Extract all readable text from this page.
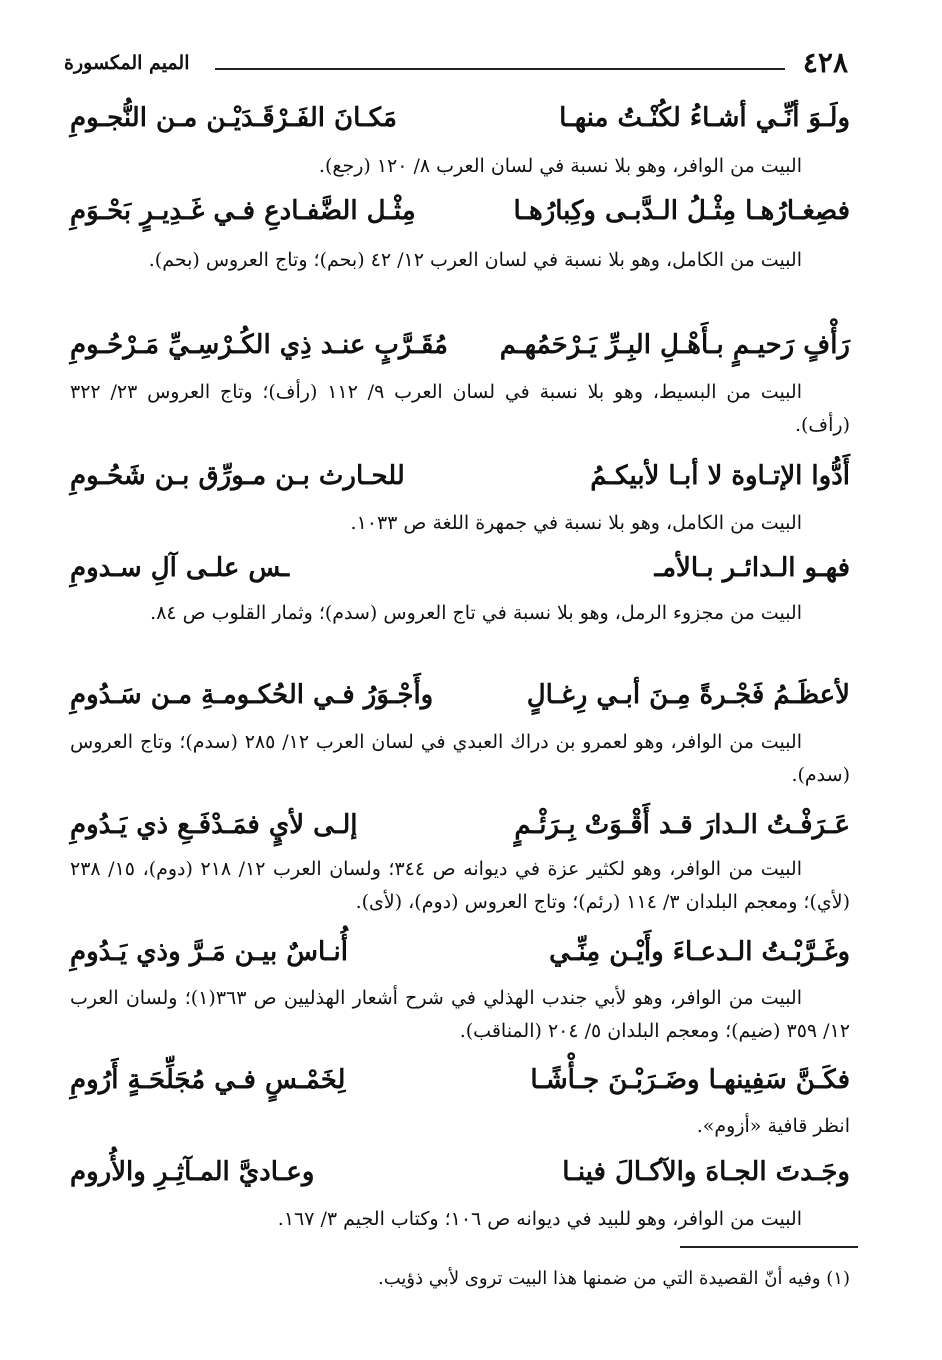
٤٢٨
الميم المكسورة
ولَـوَ أنِّـي أشـاءُ لكُنْـتُ منهـا
مَكـانَ الفَـرْقَـدَيْـن مـن النُّجـومِ
البيت من الوافر، وهو بلا نسبة في لسان العرب ٨/ ١٢٠ (رجع).
فصِغـارُهـا مِثْـلُ الـدَّبـى وكِبارُهـا
مِثْـل الضَّفـادعِ فـي غَـدِيـرٍ بَحْـوَمِ
البيت من الكامل، وهو بلا نسبة في لسان العرب ١٢/ ٤٢ (بحم)؛ وتاج العروس (بحم).
رَأْفٍ رَحيـمٍ بـأَهْـلِ البِـرِّ يَـرْحَمُهـم
مُقَـرَّبٍ عنـد ذِي الكُـرْسِـيِّ مَـرْحُـومِ
البيت من البسيط، وهو بلا نسبة في لسان العرب ٩/ ١١٢ (رأف)؛ وتاج العروس ٢٣/ ٣٢٢ (رأف).
أَدُّوا الإتـاوة لا أبـا لأبيكـمُ
للحـارث بـن مـورِّق بـن شَحُـومِ
البيت من الكامل، وهو بلا نسبة في جمهرة اللغة ص ١٠٣٣.
فهـو الـدائـر بـالأمـ
ـس علـى آلِ سـدومِ
البيت من مجزوء الرمل، وهو بلا نسبة في تاج العروس (سدم)؛ وثمار القلوب ص ٨٤.
لأعظَـمُ فَجْـرةً مِـنَ أبـي رِغـالٍ
وأَجْـوَرُ فـي الحُكـومـةِ مـن سَـدُومِ
البيت من الوافر، وهو لعمرو بن دراك العبدي في لسان العرب ١٢/ ٢٨٥ (سدم)؛ وتاج العروس (سدم).
عَـرَفْـتُ الـدارَ قـد أَقْـوَتْ بِـرَئْـمٍ
إلـى لأيٍ فمَـدْفَـعِ ذي يَـدُومِ
البيت من الوافر، وهو لكثير عزة في ديوانه ص ٣٤٤؛ ولسان العرب ١٢/ ٢١٨ (دوم)، ١٥/ ٢٣٨ (لأي)؛ ومعجم البلدان ٣/ ١١٤ (رئم)؛ وتاج العروس (دوم)، (لأى).
وغَـرَّبْـتُ الـدعـاءَ وأَيْـن مِنِّـي
أُنـاسٌ بيـن مَـرَّ وذي يَـدُومِ
البيت من الوافر، وهو لأبي جندب الهذلي في شرح أشعار الهذليين ص ٣٦٣(١)؛ ولسان العرب ١٢/ ٣٥٩ (ضيم)؛ ومعجم البلدان ٥/ ٢٠٤ (المناقب).
فكَـنَّ سَفِينهـا وضَـرَبْـنَ جـأْشًـا
لِخَمْـسٍ فـي مُجَلِّحَـةٍ أَرُومِ
انظر قافية «أزوم».
وجَـدتَ الجـاهَ والآكـالَ فينـا
وعـاديَّ المـآثِـرِ والأُروم
البيت من الوافر، وهو للبيد في ديوانه ص ١٠٦؛ وكتاب الجيم ٣/ ١٦٧.
(١) وفيه أنّ القصيدة التي من ضمنها هذا البيت تروى لأبي ذؤيب.
